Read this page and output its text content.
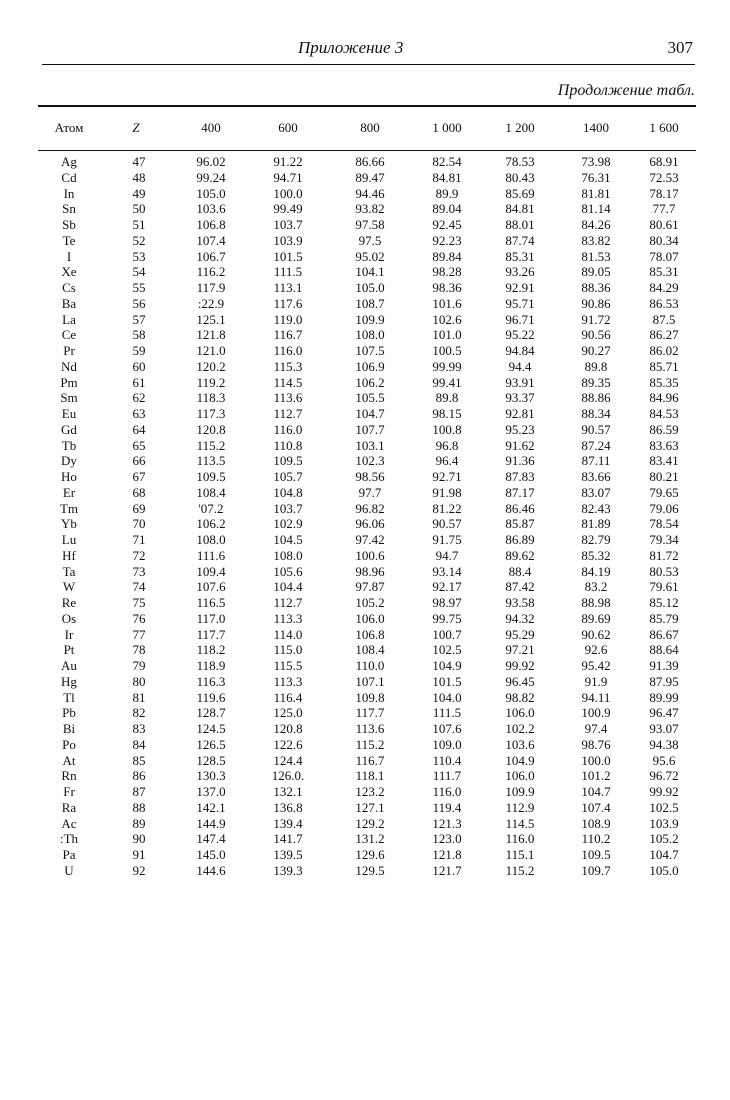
Приложение 3	307
Продолжение табл.
Атом	Z	400	600	800	1 000	1 200	1400	1 600

Ag	47	96.02	91.22	86.66	82.54	78.53	73.98	68.91
Cd	48	99.24	94.71	89.47	84.81	80.43	76.31	72.53
In	49	105.0	100.0	94.46	89.9	85.69	81.81	78.17
Sn	50	103.6	99.49	93.82	89.04	84.81	81.14	77.7
Sb	51	106.8	103.7	97.58	92.45	88.01	84.26	80.61
Te	52	107.4	103.9	97.5	92.23	87.74	83.82	80.34
I	53	106.7	101.5	95.02	89.84	85.31	81.53	78.07
Xe	54	116.2	111.5	104.1	98.28	93.26	89.05	85.31
Cs	55	117.9	113.1	105.0	98.36	92.91	88.36	84.29
Ba	56	:22.9	117.6	108.7	101.6	95.71	90.86	86.53
La	57	125.1	119.0	109.9	102.6	96.71	91.72	87.5
Ce	58	121.8	116.7	108.0	101.0	95.22	90.56	86.27
Pr	59	121.0	116.0	107.5	100.5	94.84	90.27	86.02
Nd	60	120.2	115.3	106.9	99.99	94.4	89.8	85.71
Pm	61	119.2	114.5	106.2	99.41	93.91	89.35	85.35
Sm	62	118.3	113.6	105.5	89.8	93.37	88.86	84.96
Eu	63	117.3	112.7	104.7	98.15	92.81	88.34	84.53
Gd	64	120.8	116.0	107.7	100.8	95.23	90.57	86.59
Tb	65	115.2	110.8	103.1	96.8	91.62	87.24	83.63
Dy	66	113.5	109.5	102.3	96.4	91.36	87.11	83.41
Ho	67	109.5	105.7	98.56	92.71	87.83	83.66	80.21
Er	68	108.4	104.8	97.7	91.98	87.17	83.07	79.65
Tm	69	'07.2	103.7	96.82	81.22	86.46	82.43	79.06
Yb	70	106.2	102.9	96.06	90.57	85.87	81.89	78.54
Lu	71	108.0	104.5	97.42	91.75	86.89	82.79	79.34
Hf	72	111.6	108.0	100.6	94.7	89.62	85.32	81.72
Ta	73	109.4	105.6	98.96	93.14	88.4	84.19	80.53
W	74	107.6	104.4	97.87	92.17	87.42	83.2	79.61
Re	75	116.5	112.7	105.2	98.97	93.58	88.98	85.12
Os	76	117.0	113.3	106.0	99.75	94.32	89.69	85.79
Ir	77	117.7	114.0	106.8	100.7	95.29	90.62	86.67
Pt	78	118.2	115.0	108.4	102.5	97.21	92.6	88.64
Au	79	118.9	115.5	110.0	104.9	99.92	95.42	91.39
Hg	80	116.3	113.3	107.1	101.5	96.45	91.9	87.95
Tl	81	119.6	116.4	109.8	104.0	98.82	94.11	89.99
Pb	82	128.7	125.0	117.7	111.5	106.0	100.9	96.47
Bi	83	124.5	120.8	113.6	107.6	102.2	97.4	93.07
Po	84	126.5	122.6	115.2	109.0	103.6	98.76	94.38
At	85	128.5	124.4	116.7	110.4	104.9	100.0	95.6
Rn	86	130.3	126.0.	118.1	111.7	106.0	101.2	96.72
Fr	87	137.0	132.1	123.2	116.0	109.9	104.7	99.92
Ra	88	142.1	136.8	127.1	119.4	112.9	107.4	102.5
Ac	89	144.9	139.4	129.2	121.3	114.5	108.9	103.9
:Th	90	147.4	141.7	131.2	123.0	116.0	110.2	105.2
Pa	91	145.0	139.5	129.6	121.8	115.1	109.5	104.7
U	92	144.6	139.3	129.5	121.7	115.2	109.7	105.0
